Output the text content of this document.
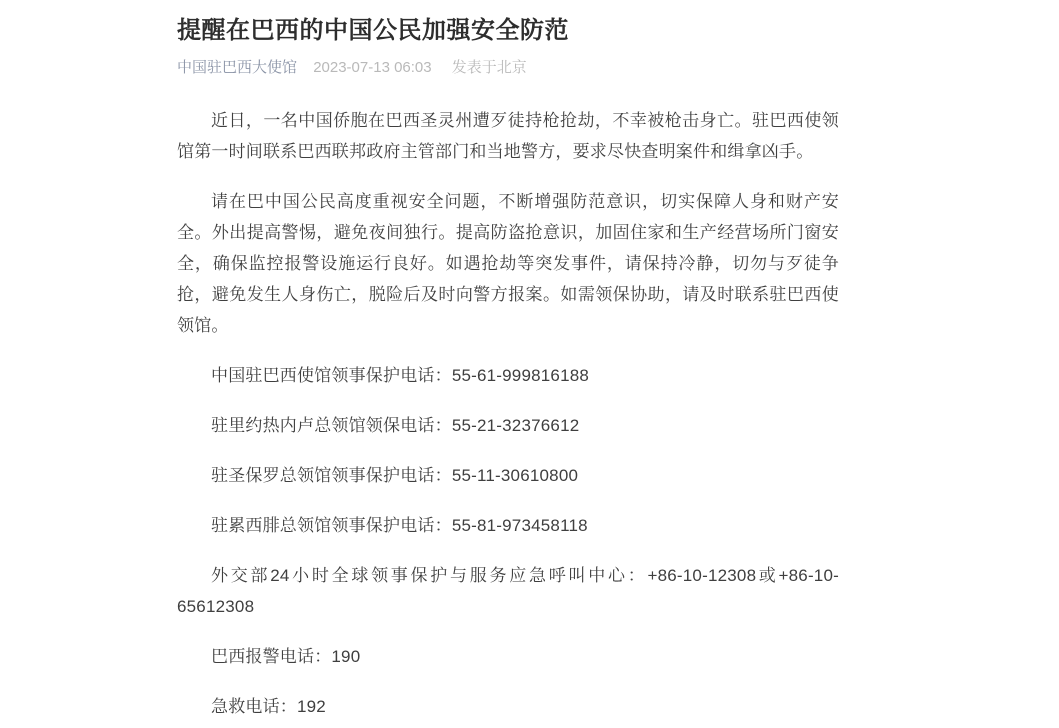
提醒在巴西的中国公民加强安全防范
中国驻巴西大使馆 2023-07-13 06:03 发表于北京

近日，一名中国侨胞在巴西圣灵州遭歹徒持枪抢劫，不幸被枪击身亡。驻巴西使领馆第一时间联系巴西联邦政府主管部门和当地警方，要求尽快查明案件和缉拿凶手。

请在巴中国公民高度重视安全问题，不断增强防范意识，切实保障人身和财产安全。外出提高警惕，避免夜间独行。提高防盗抢意识，加固住家和生产经营场所门窗安全，确保监控报警设施运行良好。如遇抢劫等突发事件，请保持冷静，切勿与歹徒争抢，避免发生人身伤亡，脱险后及时向警方报案。如需领保协助，请及时联系驻巴西使领馆。

中国驻巴西使馆领事保护电话：55-61-999816188

驻里约热内卢总领馆领保电话：55-21-32376612

驻圣保罗总领馆领事保护电话：55-11-30610800

驻累西腓总领馆领事保护电话：55-81-973458118

外交部24小时全球领事保护与服务应急呼叫中心：+86-10-12308或+86-10-65612308

巴西报警电话：190

急救电话：192
